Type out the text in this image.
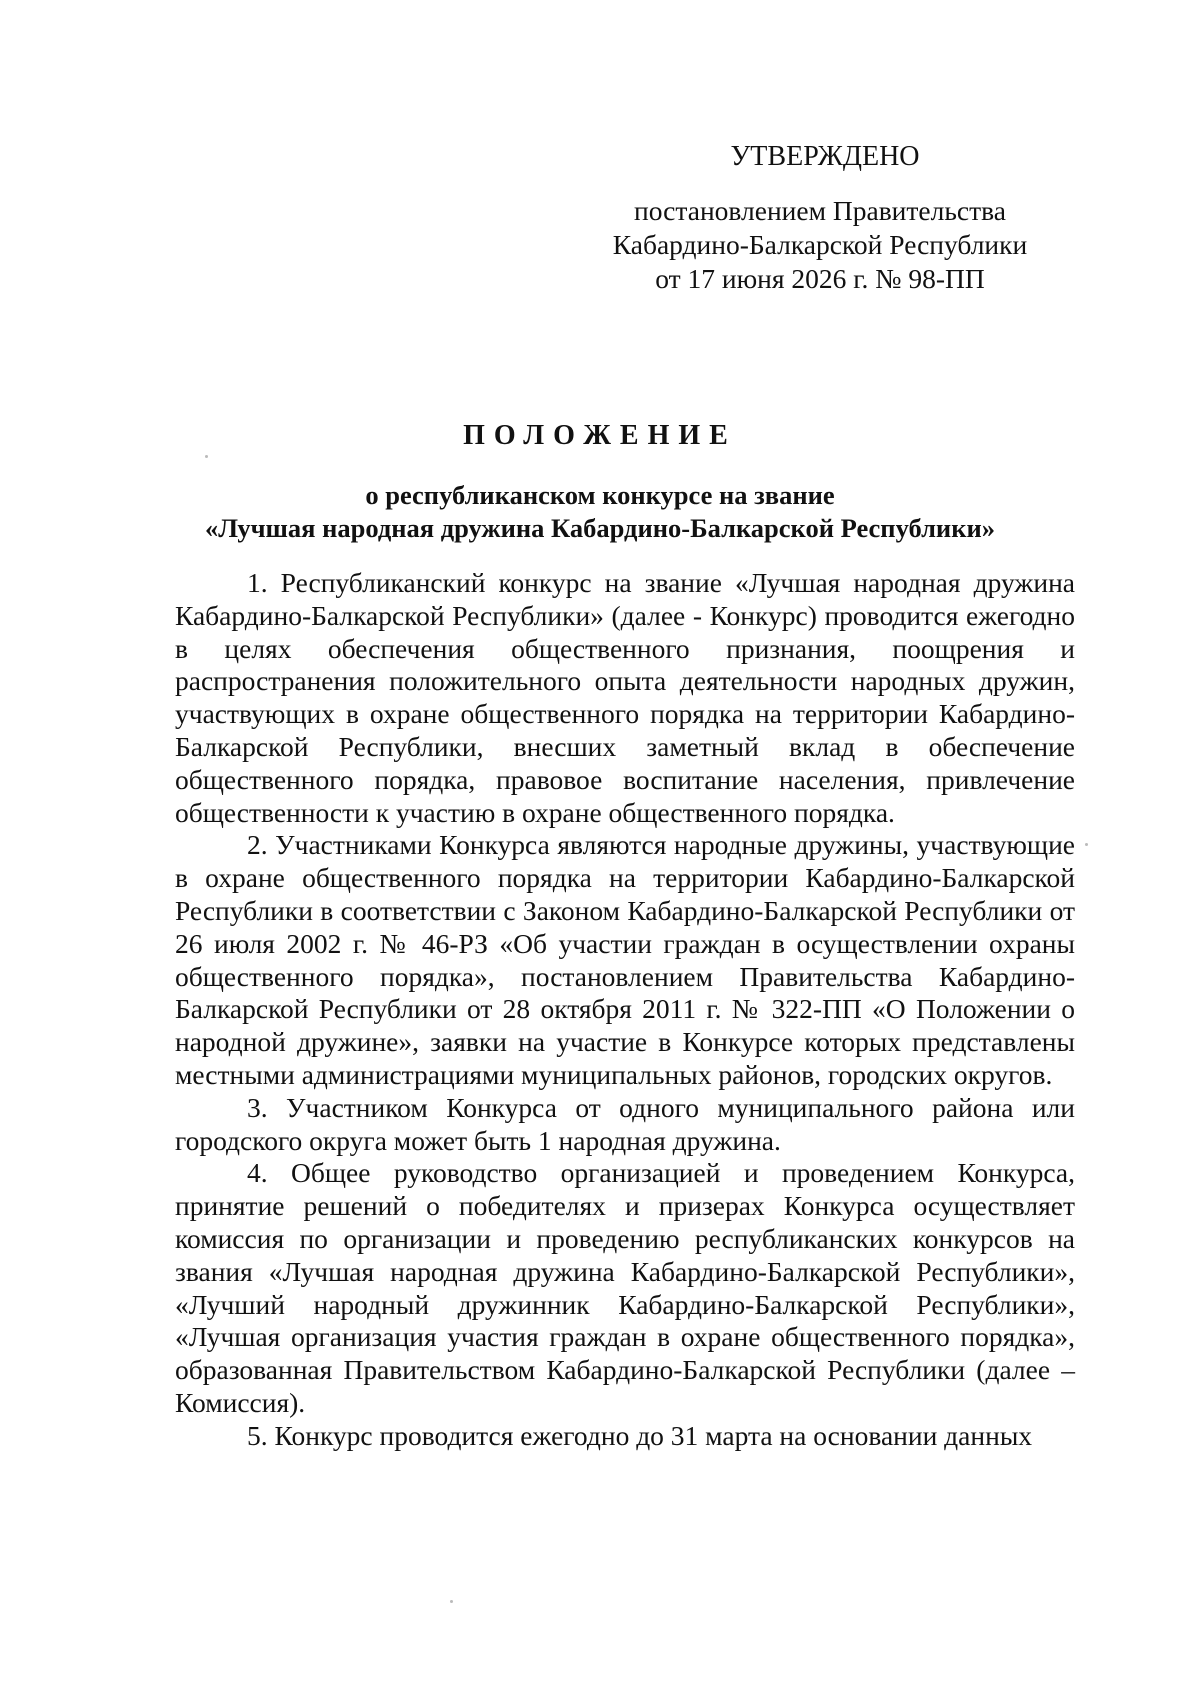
УТВЕРЖДЕНО
постановлением Правительства
Кабардино-Балкарской Республики
от 17 июня 2026 г. № 98-ПП
ПОЛОЖЕНИЕ
о республиканском конкурсе на звание
«Лучшая народная дружина Кабардино-Балкарской Республики»

1. Республиканский конкурс на звание «Лучшая народная дружина Кабардино-Балкарской Республики» (далее - Конкурс) проводится ежегодно в целях обеспечения общественного признания, поощрения и распространения положительного опыта деятельности народных дружин, участвующих в охране общественного порядка на территории Кабардино-Балкарской Республики, внесших заметный вклад в обеспечение общественного порядка, правовое воспитание населения, привлечение общественности к участию в охране общественного порядка.

2. Участниками Конкурса являются народные дружины, участвующие в охране общественного порядка на территории Кабардино-Балкарской Республики в соответствии с Законом Кабардино-Балкарской Республики от 26 июля 2002 г. № 46-РЗ «Об участии граждан в осуществлении охраны общественного порядка», постановлением Правительства Кабардино-Балкарской Республики от 28 октября 2011 г. № 322-ПП «О Положении о народной дружине», заявки на участие в Конкурсе которых представлены местными администрациями муниципальных районов, городских округов.

3. Участником Конкурса от одного муниципального района или городского округа может быть 1 народная дружина.

4. Общее руководство организацией и проведением Конкурса, принятие решений о победителях и призерах Конкурса осуществляет комиссия по организации и проведению республиканских конкурсов на звания «Лучшая народная дружина Кабардино-Балкарской Республики», «Лучший народный дружинник Кабардино-Балкарской Республики», «Лучшая организация участия граждан в охране общественного порядка», образованная Правительством Кабардино-Балкарской Республики (далее – Комиссия).

5. Конкурс проводится ежегодно до 31 марта на основании данных
